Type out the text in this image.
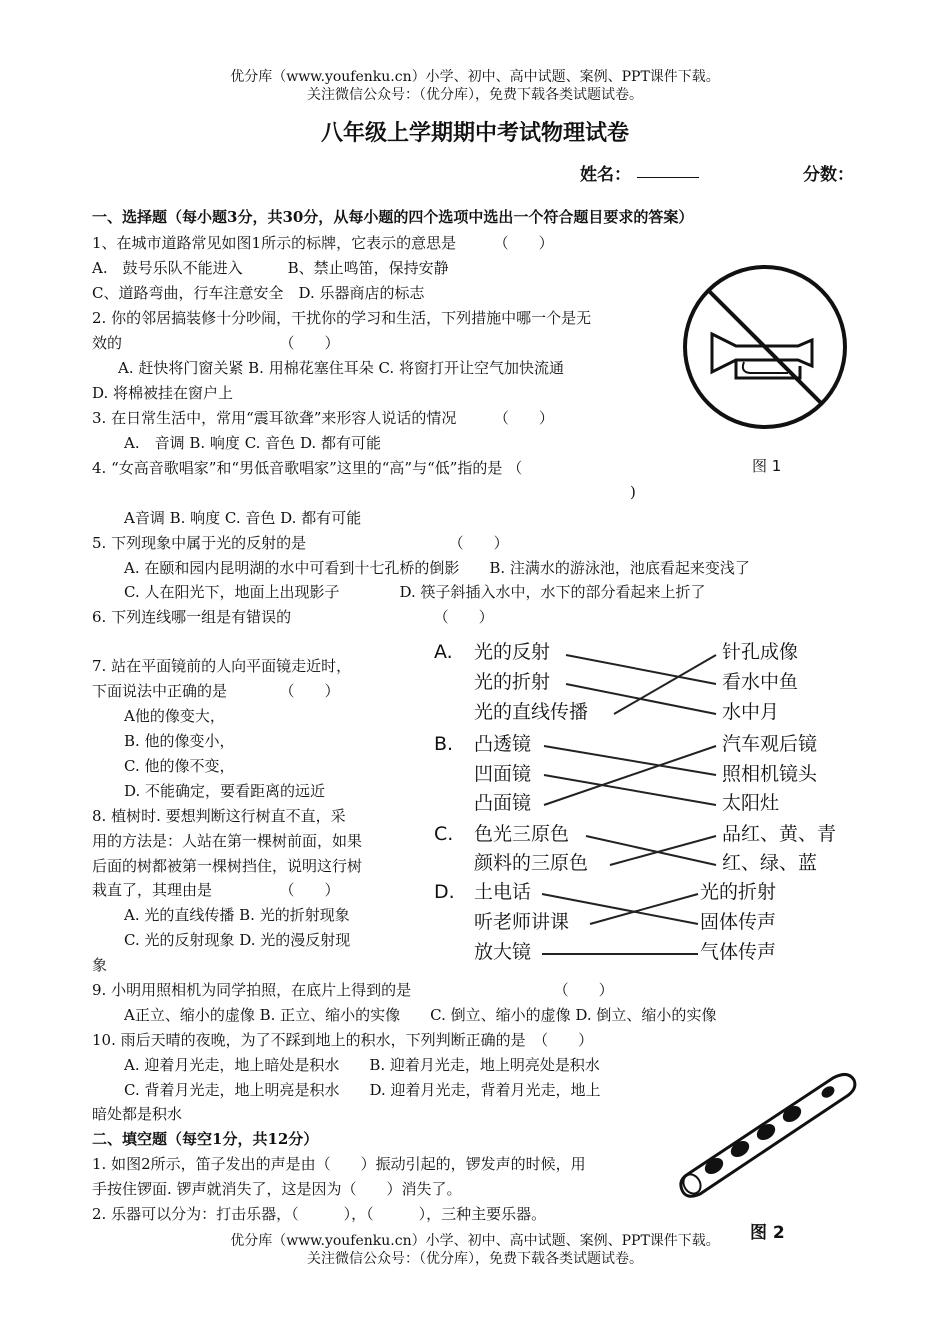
优分库（www.youfenku.cn）小学、初中、高中试题、案例、PPT课件下载。
关注微信公众号：（优分库），免费下载各类试题试卷。
八年级上学期期中考试物理试卷
姓名：	分数：
一、选择题（每小题3分，共30分，从每小题的四个选项中选出一个符合题目要求的答案）
1、在城市道路常见如图1所示的标牌，它表示的意思是　　　（　　）
A.　鼓号乐队不能进入　　　B、禁止鸣笛，保持安静
C、道路弯曲，行车注意安全　D. 乐器商店的标志
2. 你的邻居搞装修十分吵闹，干扰你的学习和生活，下列措施中哪一个是无
效的　　　　　　　　　　　（　　）
A. 赶快将门窗关紧 B. 用棉花塞住耳朵 C. 将窗打开让空气加快流通
D. 将棉被挂在窗户上
3. 在日常生活中，常用“震耳欲聋”来形容人说话的情况　　　（　　）
A.　音调 B. 响度 C. 音色 D. 都有可能
4. “女高音歌唱家”和“男低音歌唱家”这里的“高”与“低”指的是 （
)
A音调 B. 响度 C. 音色 D. 都有可能
5. 下列现象中属于光的反射的是　　　　　　　　　　（　　）
A. 在颐和园内昆明湖的水中可看到十七孔桥的倒影　　B. 注满水的游泳池，池底看起来变浅了
C. 人在阳光下，地面上出现影子　　　　D. 筷子斜插入水中，水下的部分看起来上折了
6. 下列连线哪一组是有错误的　　　　　　　　　　（　　）
7. 站在平面镜前的人向平面镜走近时，
下面说法中正确的是　　　　（　　）
A他的像变大，
B. 他的像变小，
C. 他的像不变，
D. 不能确定，要看距离的远近
8. 植树时. 要想判断这行树直不直，采
用的方法是：人站在第一棵树前面，如果
后面的树都被第一棵树挡住，说明这行树
栽直了，其理由是　　　　　（　　）
A. 光的直线传播 B. 光的折射现象
C. 光的反射现象 D. 光的漫反射现
象
9. 小明用照相机为同学拍照，在底片上得到的是　　　　　　　　　　（　　）
A正立、缩小的虚像 B. 正立、缩小的实像　　C. 倒立、缩小的虚像 D. 倒立、缩小的实像
10. 雨后天晴的夜晚，为了不踩到地上的积水，下列判断正确的是　（　　）
A. 迎着月光走，地上暗处是积水　　B. 迎着月光走，地上明亮处是积水
C. 背着月光走，地上明亮是积水　　D. 迎着月光走，背着月光走，地上
暗处都是积水
二、填空题（每空1分，共12分）
1. 如图2所示，笛子发出的声是由（　　）振动引起的，锣发声的时候，用
手按住锣面. 锣声就消失了，这是因为（　　）消失了。
2. 乐器可以分为：打击乐器，（　　　），（　　　），三种主要乐器。
图 1
A. 光的反射
光的折射
光的直线传播
针孔成像
看水中鱼
水中月
B. 凸透镜
凹面镜
凸面镜
汽车观后镜
照相机镜头
太阳灶
C. 色光三原色
颜料的三原色
品红、黄、青
红、绿、蓝
D. 土电话
听老师讲课
放大镜
光的折射
固体传声
气体传声
图 2
优分库（www.youfenku.cn）小学、初中、高中试题、案例、PPT课件下载。
关注微信公众号：（优分库），免费下载各类试题试卷。
